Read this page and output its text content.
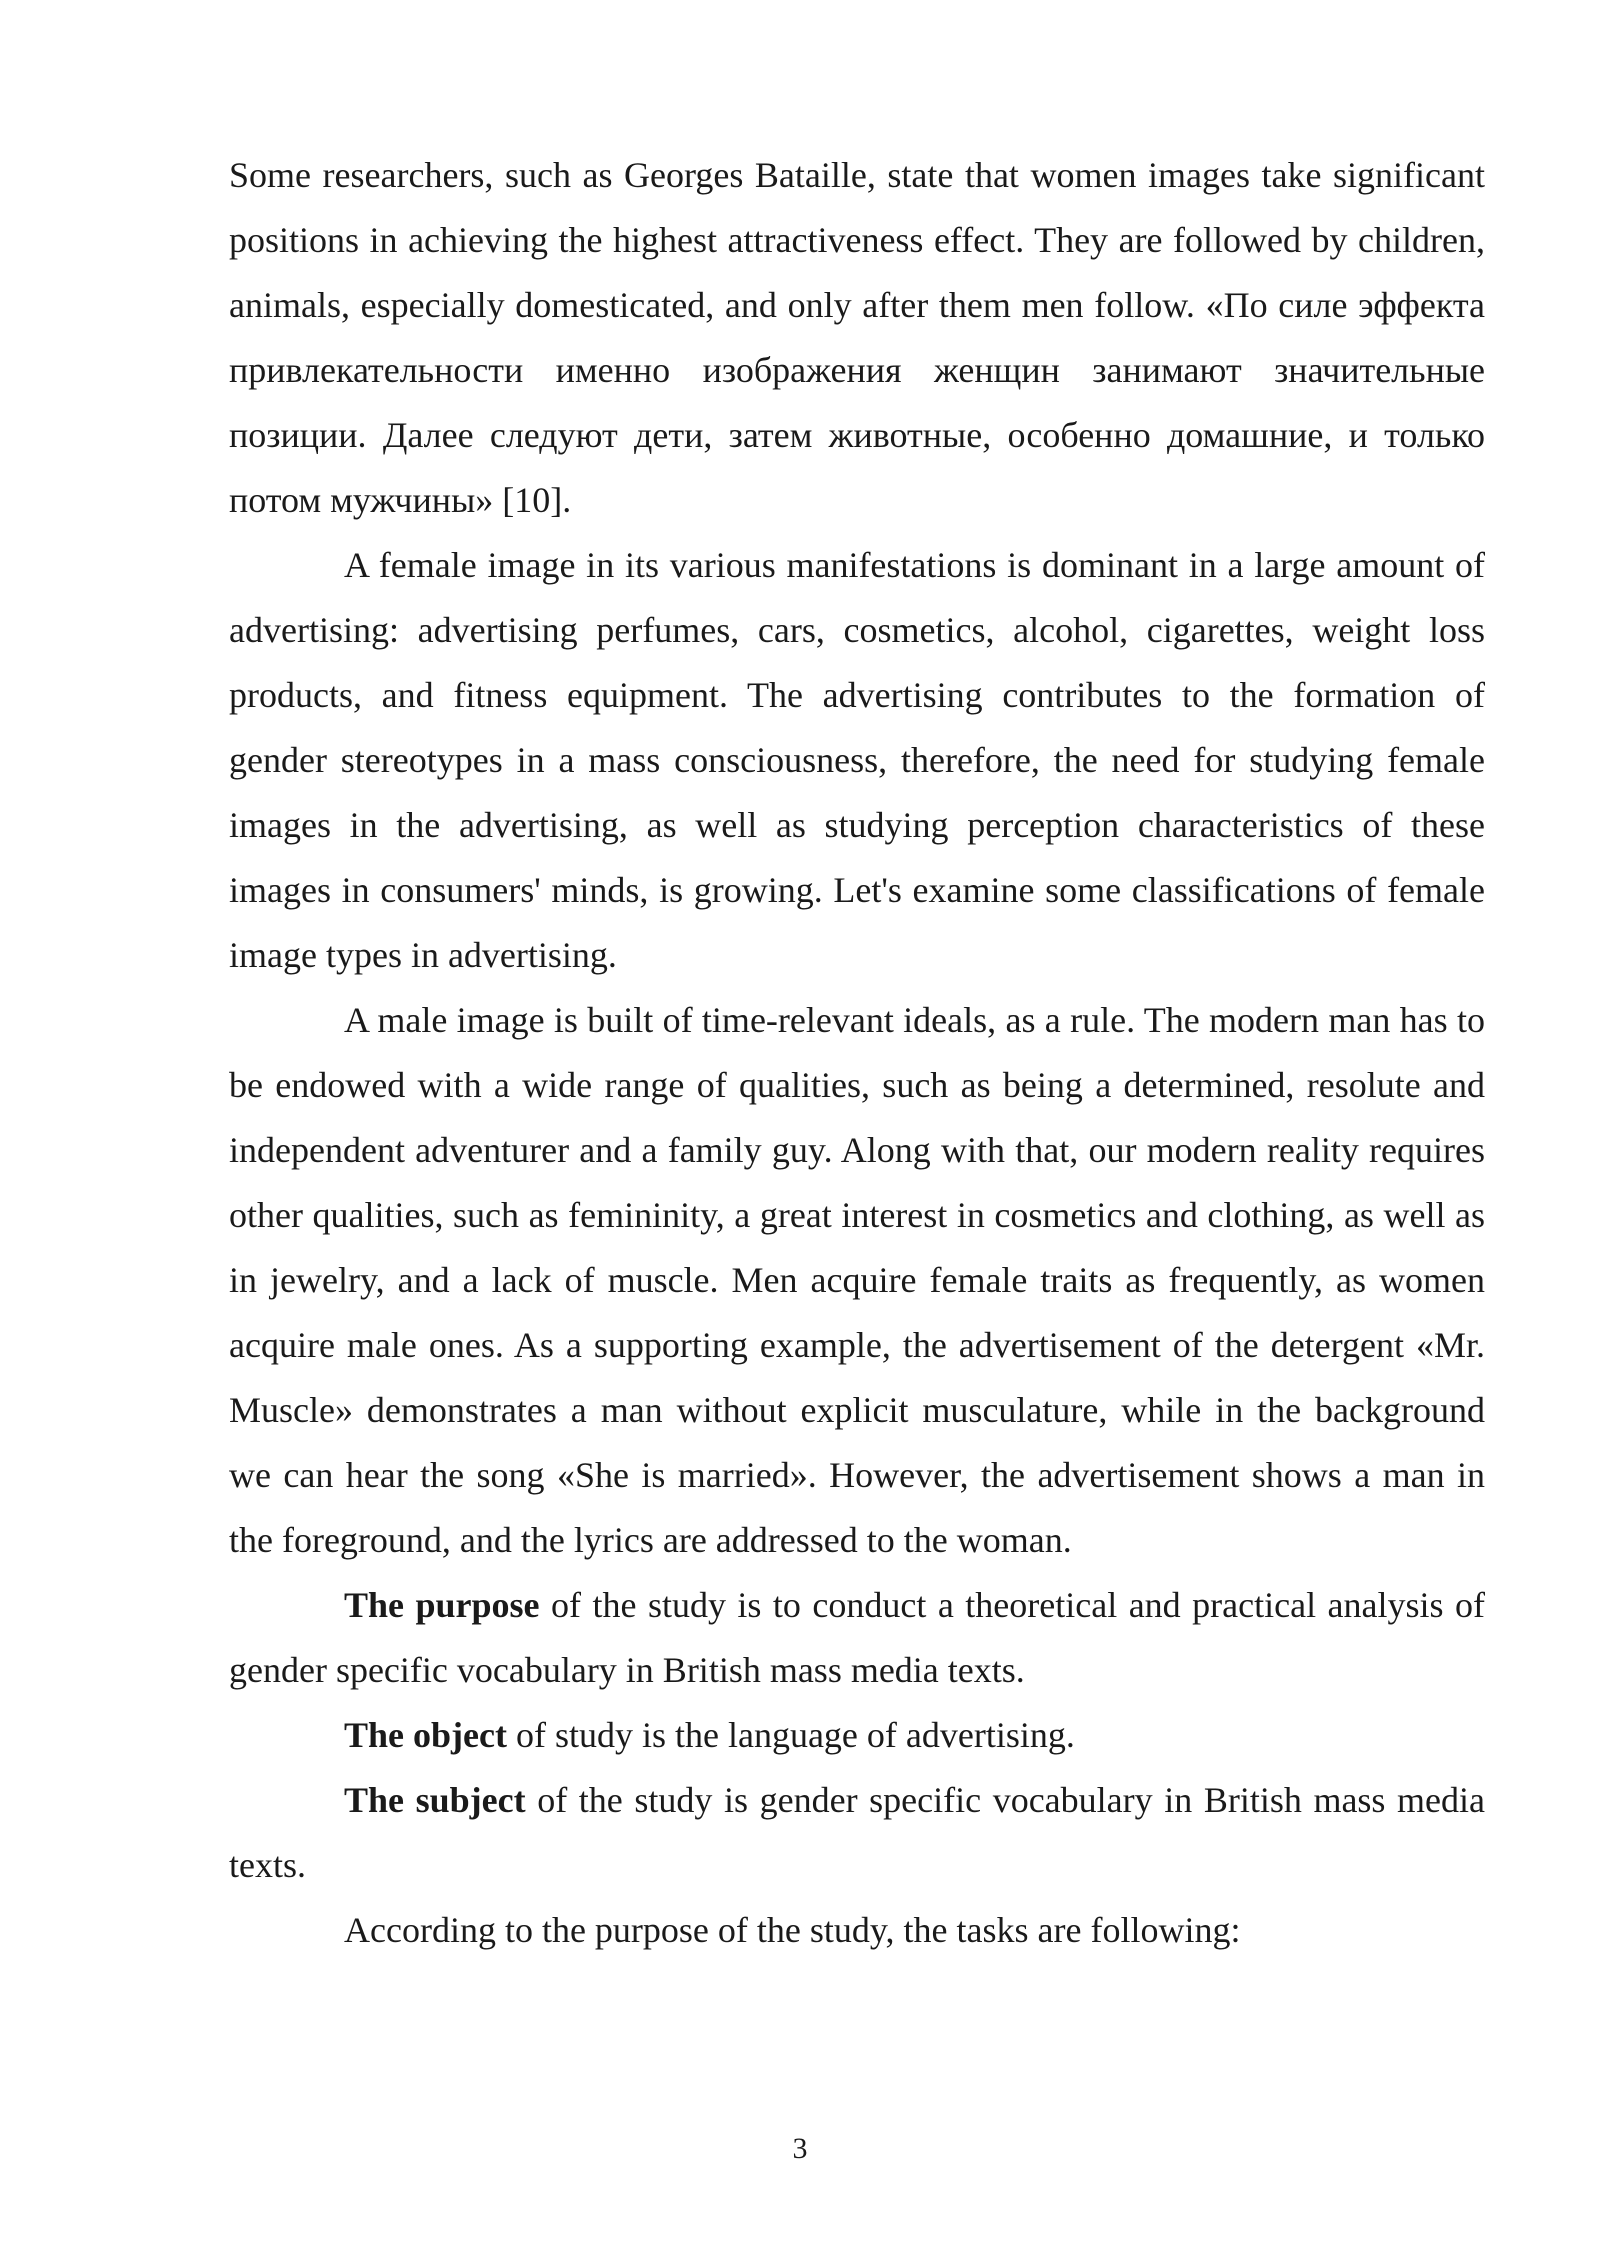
Some researchers, such as Georges Bataille, state that women images take significant positions in achieving the highest attractiveness effect. They are followed by children, animals, especially domesticated, and only after them men follow. «По силе эффекта привлекательности именно изображения женщин занимают значительные позиции. Далее следуют дети, затем животные, особенно домашние, и только потом мужчины» [10].

A female image in its various manifestations is dominant in a large amount of advertising: advertising perfumes, cars, cosmetics, alcohol, cigarettes, weight loss products, and fitness equipment. The advertising contributes to the formation of gender stereotypes in a mass consciousness, therefore, the need for studying female images in the advertising, as well as studying perception characteristics of these images in consumers' minds, is growing. Let's examine some classifications of female image types in advertising.

A male image is built of time-relevant ideals, as a rule. The modern man has to be endowed with a wide range of qualities, such as being a determined, resolute and independent adventurer and a family guy. Along with that, our modern reality requires other qualities, such as femininity, a great interest in cosmetics and clothing, as well as in jewelry, and a lack of muscle. Men acquire female traits as frequently, as women acquire male ones. As a supporting example, the advertisement of the detergent «Mr. Muscle» demonstrates a man without explicit musculature, while in the background we can hear the song «She is married». However, the advertisement shows a man in the foreground, and the lyrics are addressed to the woman.

The purpose of the study is to conduct a theoretical and practical analysis of gender specific vocabulary in British mass media texts.

The object of study is the language of advertising.

The subject of the study is gender specific vocabulary in British mass media texts.

According to the purpose of the study, the tasks are following:

3
